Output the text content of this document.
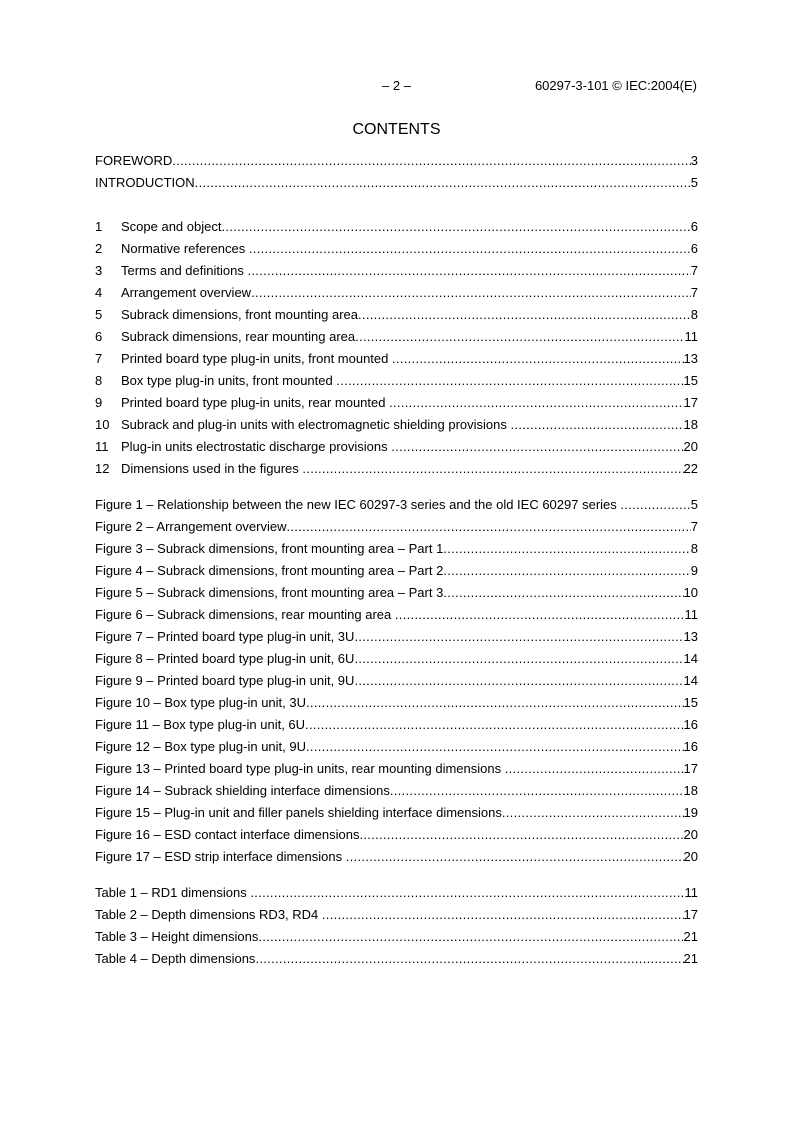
– 2 –	60297-3-101 © IEC:2004(E)
CONTENTS
FOREWORD .....	3
INTRODUCTION .....	5
1	Scope and object .....	6
2	Normative references .....	6
3	Terms and definitions .....	7
4	Arrangement overview .....	7
5	Subrack dimensions, front mounting area .....	8
6	Subrack dimensions, rear mounting area .....	11
7	Printed board type plug-in units, front mounted .....	13
8	Box type plug-in units, front mounted .....	15
9	Printed board type plug-in units, rear mounted .....	17
10 Subrack and plug-in units with electromagnetic shielding provisions .....	18
11 Plug-in units electrostatic discharge provisions .....	20
12 Dimensions used in the figures .....	22
Figure 1 – Relationship between the new IEC 60297-3 series and the old IEC 60297 series .....	5
Figure 2 – Arrangement overview .....	7
Figure 3 – Subrack dimensions, front mounting area – Part 1 .....	8
Figure 4 – Subrack dimensions, front mounting area – Part 2 .....	9
Figure 5 – Subrack dimensions, front mounting area – Part 3 .....	10
Figure 6 – Subrack dimensions, rear mounting area .....	11
Figure 7 – Printed board type plug-in unit, 3U .....	13
Figure 8 – Printed board type plug-in unit, 6U .....	14
Figure 9 – Printed board type plug-in unit, 9U .....	14
Figure 10 – Box type plug-in unit, 3U .....	15
Figure 11 – Box type plug-in unit, 6U .....	16
Figure 12 – Box type plug-in unit, 9U .....	16
Figure 13 – Printed board type plug-in units, rear mounting dimensions .....	17
Figure 14 – Subrack shielding interface dimensions .....	18
Figure 15 – Plug-in unit and filler panels shielding interface dimensions .....	19
Figure 16 – ESD contact interface dimensions .....	20
Figure 17 – ESD strip interface dimensions .....	20
Table 1 – RD1 dimensions .....	11
Table 2 – Depth dimensions RD3, RD4 .....	17
Table 3 – Height dimensions .....	21
Table 4 – Depth dimensions .....	21
